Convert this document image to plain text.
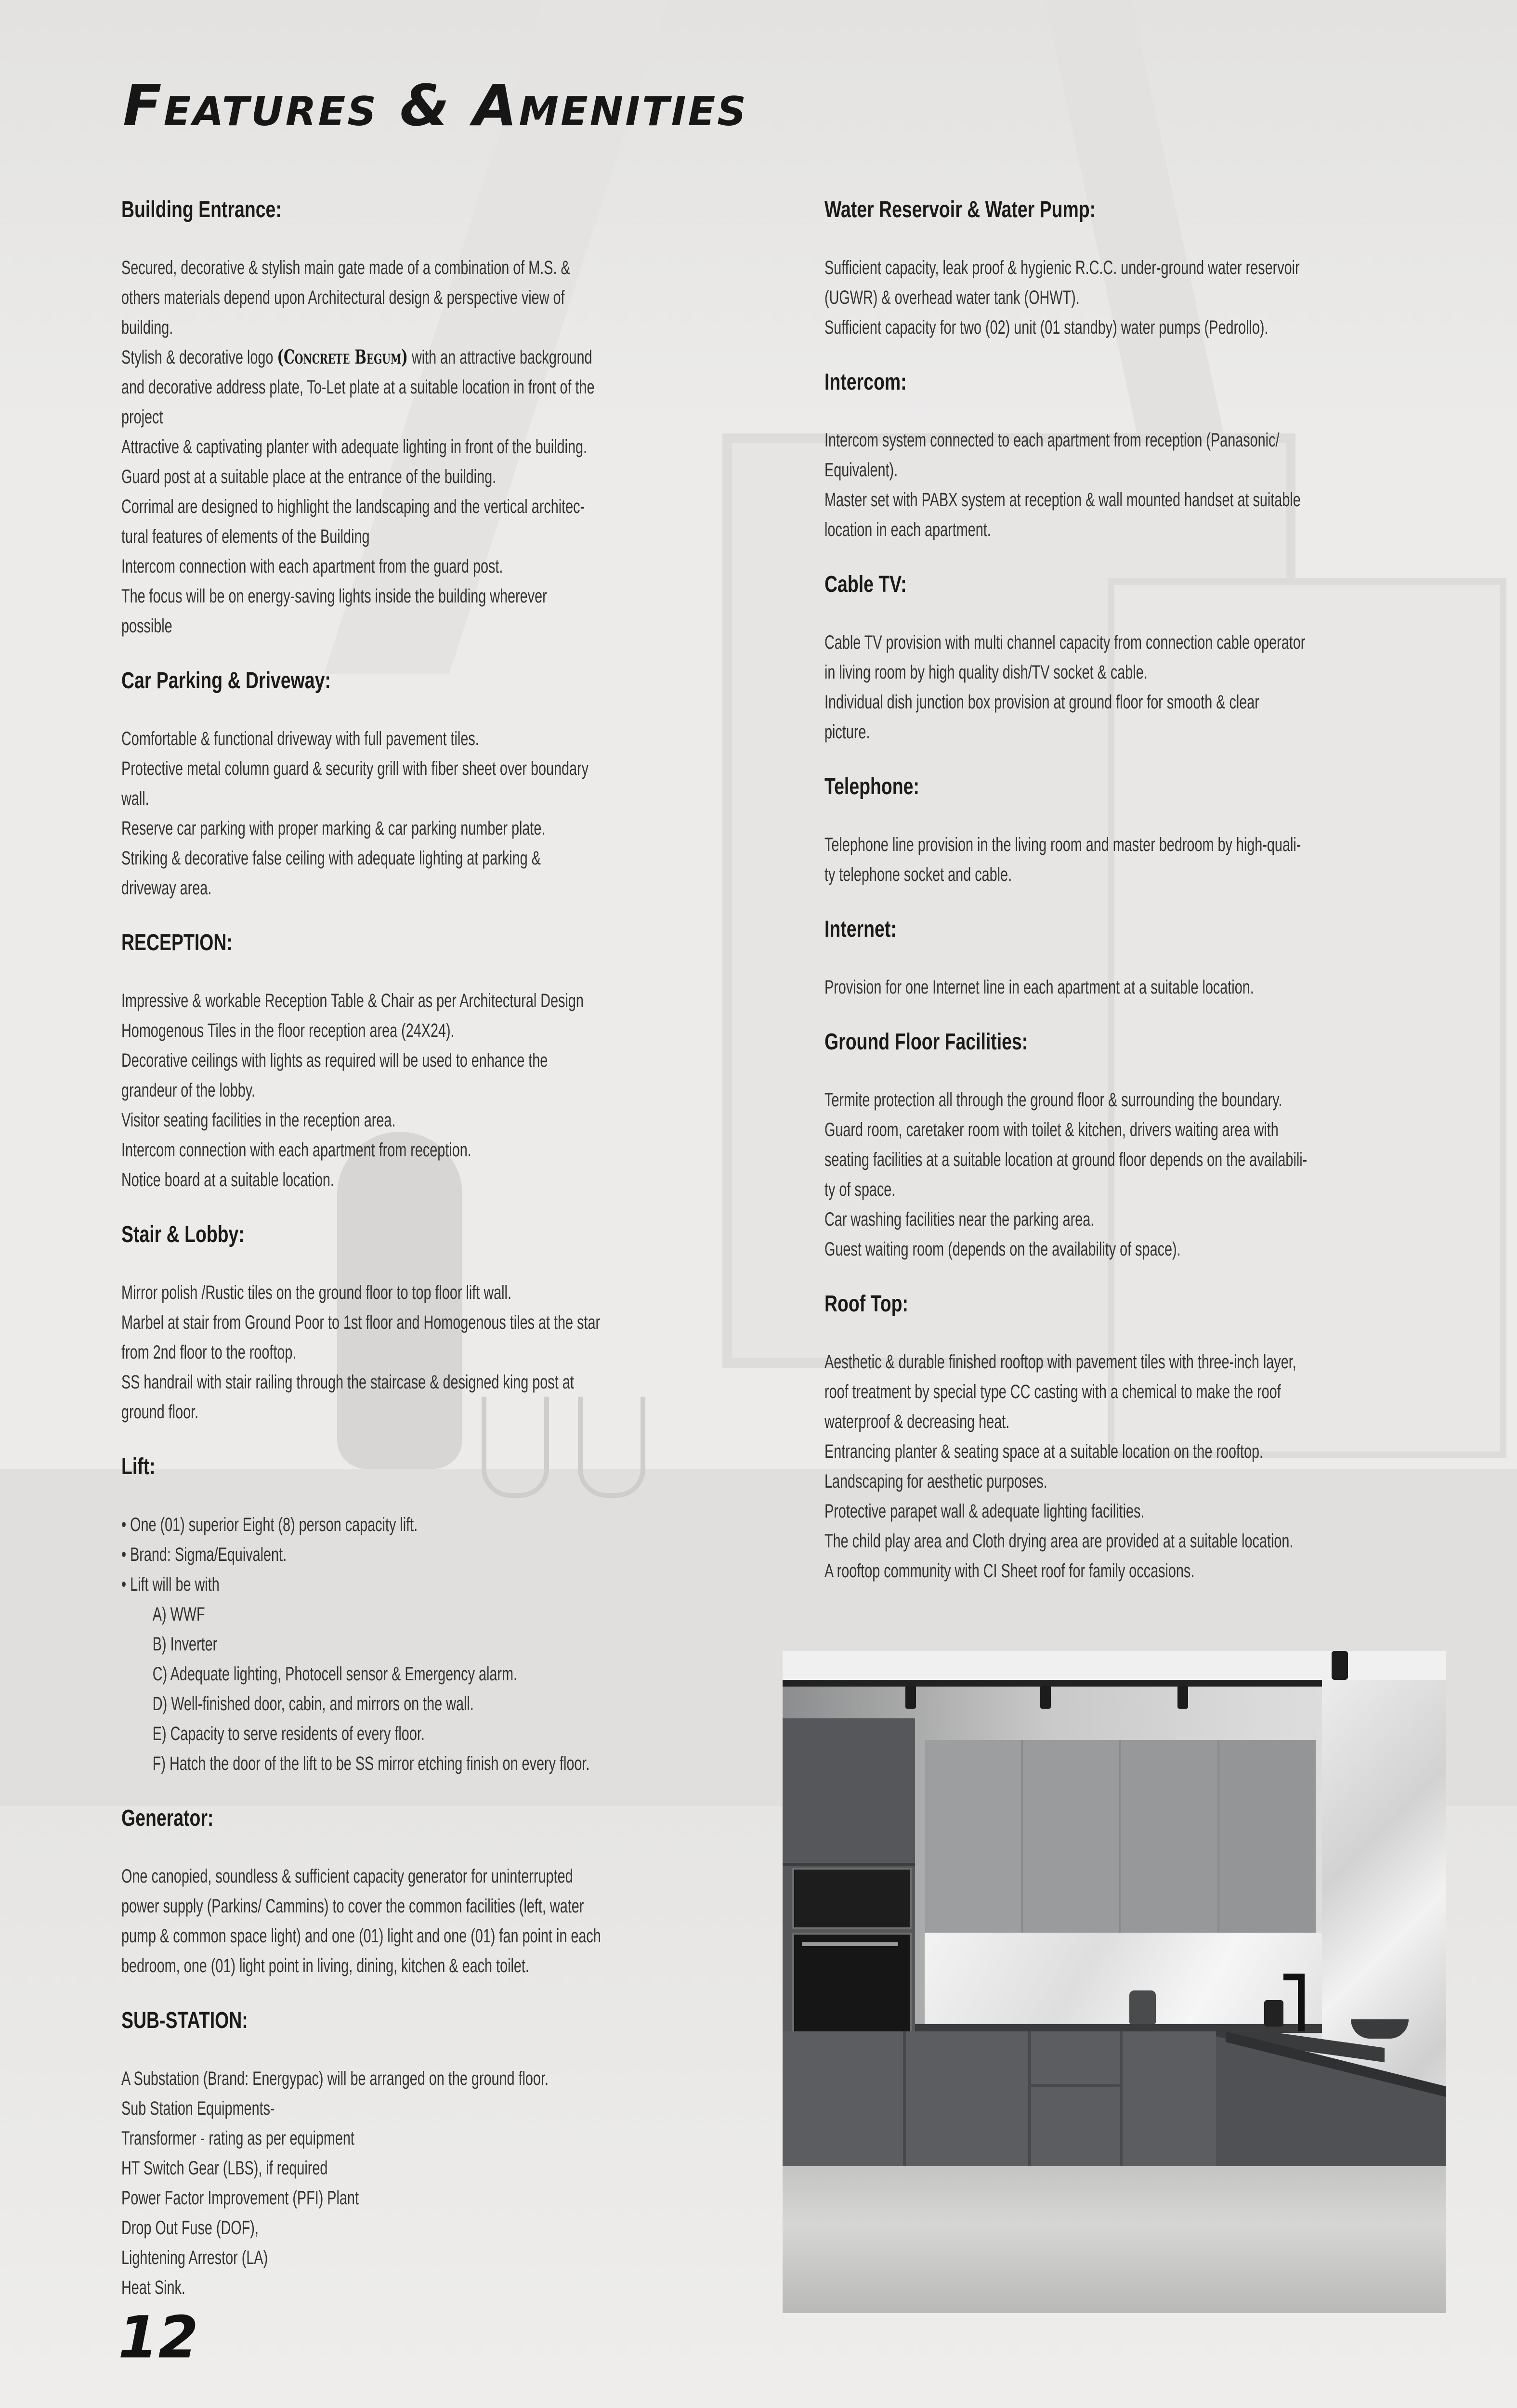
Features & Amenities
Building Entrance:
Secured, decorative & stylish main gate made of a combination of M.S. &
others materials depend upon Architectural design & perspective view of
building.
Stylish & decorative logo (Concrete Begum) with an attractive background
and decorative address plate, To-Let plate at a suitable location in front of the
project
Attractive & captivating planter with adequate lighting in front of the building.
Guard post at a suitable place at the entrance of the building.
Corrimal are designed to highlight the landscaping and the vertical architec-
tural features of elements of the Building
Intercom connection with each apartment from the guard post.
The focus will be on energy-saving lights inside the building wherever
possible
Car Parking & Driveway:
Comfortable & functional driveway with full pavement tiles.
Protective metal column guard & security grill with fiber sheet over boundary
wall.
Reserve car parking with proper marking & car parking number plate.
Striking & decorative false ceiling with adequate lighting at parking &
driveway area.
RECEPTION:
Impressive & workable Reception Table & Chair as per Architectural Design
Homogenous Tiles in the floor reception area (24X24).
Decorative ceilings with lights as required will be used to enhance the
grandeur of the lobby.
Visitor seating facilities in the reception area.
Intercom connection with each apartment from reception.
Notice board at a suitable location.
Stair & Lobby:
Mirror polish /Rustic tiles on the ground floor to top floor lift wall.
Marbel at stair from Ground Poor to 1st floor and Homogenous tiles at the star
from 2nd floor to the rooftop.
SS handrail with stair railing through the staircase & designed king post at
ground floor.
Lift:
• One (01) superior Eight (8) person capacity lift.
• Brand: Sigma/Equivalent.
• Lift will be with
A) WWF
B) Inverter
C) Adequate lighting, Photocell sensor & Emergency alarm.
D) Well-finished door, cabin, and mirrors on the wall.
E) Capacity to serve residents of every floor.
F) Hatch the door of the lift to be SS mirror etching finish on every floor.
Generator:
One canopied, soundless & sufficient capacity generator for uninterrupted
power supply (Parkins/ Cammins) to cover the common facilities (left, water
pump & common space light) and one (01) light and one (01) fan point in each
bedroom, one (01) light point in living, dining, kitchen & each toilet.
SUB-STATION:
A Substation (Brand: Energypac) will be arranged on the ground floor.
Sub Station Equipments-
Transformer - rating as per equipment
HT Switch Gear (LBS), if required
Power Factor Improvement (PFI) Plant
Drop Out Fuse (DOF),
Lightening Arrestor (LA)
Heat Sink.
Water Reservoir & Water Pump:
Sufficient capacity, leak proof & hygienic R.C.C. under-ground water reservoir
(UGWR) & overhead water tank (OHWT).
Sufficient capacity for two (02) unit (01 standby) water pumps (Pedrollo).
Intercom:
Intercom system connected to each apartment from reception (Panasonic/
Equivalent).
Master set with PABX system at reception & wall mounted handset at suitable
location in each apartment.
Cable TV:
Cable TV provision with multi channel capacity from connection cable operator
in living room by high quality dish/TV socket & cable.
Individual dish junction box provision at ground floor for smooth & clear
picture.
Telephone:
Telephone line provision in the living room and master bedroom by high-quali-
ty telephone socket and cable.
Internet:
Provision for one Internet line in each apartment at a suitable location.
Ground Floor Facilities:
Termite protection all through the ground floor & surrounding the boundary.
Guard room, caretaker room with toilet & kitchen, drivers waiting area with
seating facilities at a suitable location at ground floor depends on the availabili-
ty of space.
Car washing facilities near the parking area.
Guest waiting room (depends on the availability of space).
Roof Top:
Aesthetic & durable finished rooftop with pavement tiles with three-inch layer,
roof treatment by special type CC casting with a chemical to make the roof
waterproof & decreasing heat.
Entrancing planter & seating space at a suitable location on the rooftop.
Landscaping for aesthetic purposes.
Protective parapet wall & adequate lighting facilities.
The child play area and Cloth drying area are provided at a suitable location.
A rooftop community with CI Sheet roof for family occasions.
12
